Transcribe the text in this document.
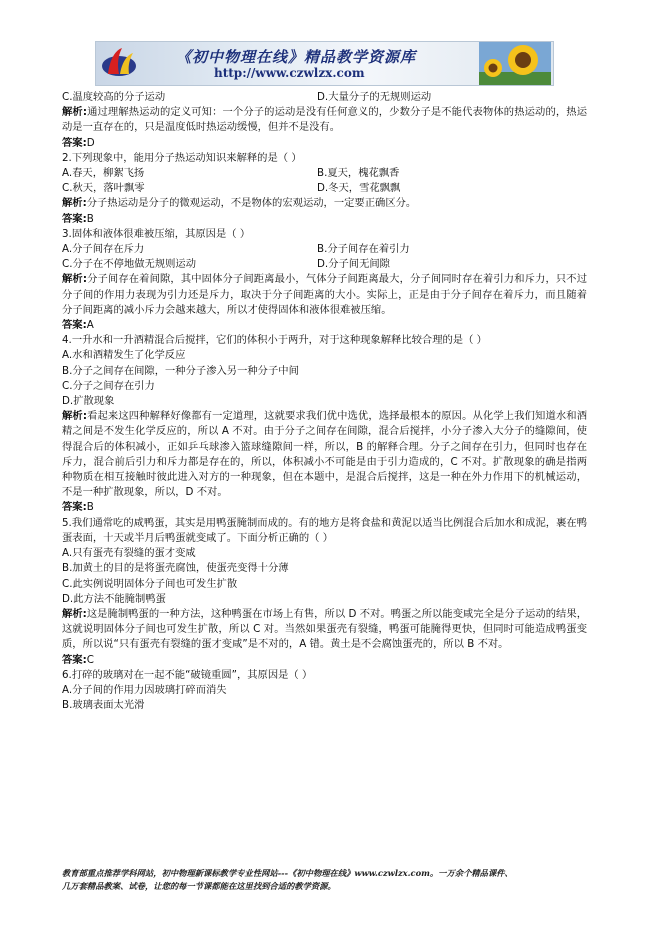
《初中物理在线》精品教学资源库
http://www.czwlzx.com
C.温度较高的分子运动	D.大量分子的无规则运动

解析:通过理解热运动的定义可知：一个分子的运动是没有任何意义的，少数分子是不能代表物体的热运动的，热运动是一直存在的，只是温度低时热运动缓慢，但并不是没有。

答案:D

2.下列现象中，能用分子热运动知识来解释的是（ ）

A.春天，柳絮飞扬	B.夏天，槐花飘香
C.秋天，落叶飘零	D.冬天，雪花飘飘

解析:分子热运动是分子的微观运动，不是物体的宏观运动，一定要正确区分。

答案:B

3.固体和液体很难被压缩，其原因是（ ）

A.分子间存在斥力	B.分子间存在着引力
C.分子在不停地做无规则运动	D.分子间无间隙

解析:分子间存在着间隙，其中固体分子间距离最小，气体分子间距离最大，分子间同时存在着引力和斥力，只不过分子间的作用力表现为引力还是斥力，取决于分子间距离的大小。实际上，正是由于分子间存在着斥力，而且随着分子间距离的减小斥力会越来越大，所以才使得固体和液体很难被压缩。

答案:A

4.一升水和一升酒精混合后搅拌，它们的体积小于两升，对于这种现象解释比较合理的是（ ）

A.水和酒精发生了化学反应

B.分子之间存在间隙，一种分子渗入另一种分子中间

C.分子之间存在引力

D.扩散现象

解析:看起来这四种解释好像都有一定道理，这就要求我们优中选优，选择最根本的原因。从化学上我们知道水和酒精之间是不发生化学反应的，所以 A 不对。由于分子之间存在间隙，混合后搅拌，小分子渗入大分子的缝隙间，使得混合后的体积减小，正如乒乓球渗入篮球缝隙间一样，所以，B 的解释合理。分子之间存在引力，但同时也存在斥力，混合前后引力和斥力都是存在的，所以，体积减小不可能是由于引力造成的，C 不对。扩散现象的确是指两种物质在相互接触时彼此进入对方的一种现象，但在本题中，是混合后搅拌，这是一种在外力作用下的机械运动，不是一种扩散现象，所以，D 不对。

答案:B

5.我们通常吃的咸鸭蛋，其实是用鸭蛋腌制而成的。有的地方是将食盐和黄泥以适当比例混合后加水和成泥，裹在鸭蛋表面，十天或半月后鸭蛋就变咸了。下面分析正确的（ ）

A.只有蛋壳有裂缝的蛋才变咸

B.加黄土的目的是将蛋壳腐蚀，使蛋壳变得十分薄

C.此实例说明固体分子间也可发生扩散

D.此方法不能腌制鸭蛋

解析:这是腌制鸭蛋的一种方法，这种鸭蛋在市场上有售，所以 D 不对。鸭蛋之所以能变咸完全是分子运动的结果，这就说明固体分子间也可发生扩散，所以 C 对。当然如果蛋壳有裂缝，鸭蛋可能腌得更快，但同时可能造成鸭蛋变质，所以说“只有蛋壳有裂缝的蛋才变咸”是不对的，A 错。黄土是不会腐蚀蛋壳的，所以 B 不对。

答案:C

6.打碎的玻璃对在一起不能“破镜重圆”，其原因是（ ）

A.分子间的作用力因玻璃打碎而消失

B.玻璃表面太光滑

教育部重点推荐学科网站，初中物理新课标教学专业性网站---《初中物理在线》www.czwlzx.com。一万余个精品课件、

几万套精品教案、试卷，让您的每一节课都能在这里找到合适的教学资源。
